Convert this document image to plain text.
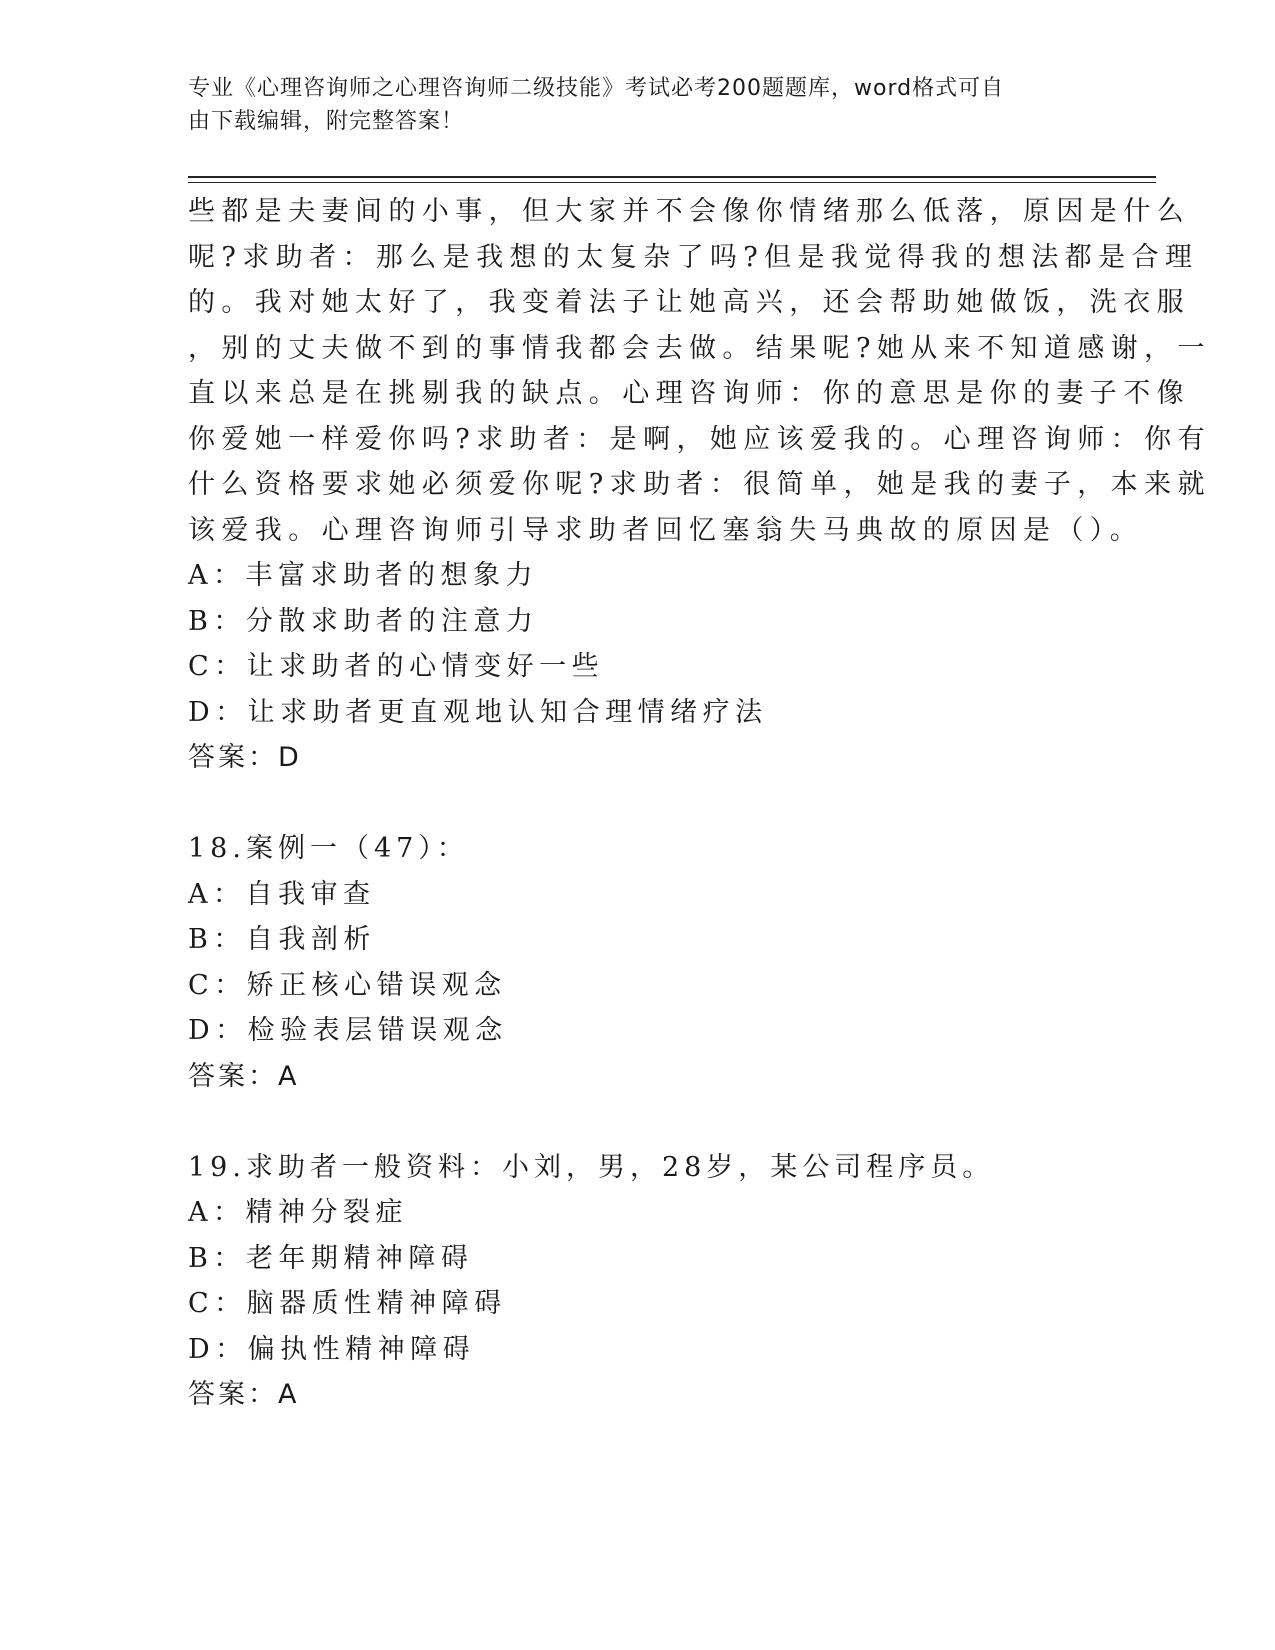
专业《心理咨询师之心理咨询师二级技能》考试必考200题题库，word格式可自
由下载编辑，附完整答案！
些都是夫妻间的小事，但大家并不会像你情绪那么低落，原因是什么
呢?求助者：那么是我想的太复杂了吗?但是我觉得我的想法都是合理
的。我对她太好了，我变着法子让她高兴，还会帮助她做饭，洗衣服
，别的丈夫做不到的事情我都会去做。结果呢?她从来不知道感谢，一
直以来总是在挑剔我的缺点。心理咨询师：你的意思是你的妻子不像
你爱她一样爱你吗?求助者：是啊，她应该爱我的。心理咨询师：你有
什么资格要求她必须爱你呢?求助者：很简单，她是我的妻子，本来就
该爱我。心理咨询师引导求助者回忆塞翁失马典故的原因是（）。
A：丰富求助者的想象力
B：分散求助者的注意力
C：让求助者的心情变好一些
D：让求助者更直观地认知合理情绪疗法
答案：D
18.案例一（47）：
A：自我审查
B：自我剖析
C：矫正核心错误观念
D：检验表层错误观念
答案：A
19.求助者一般资料：小刘，男，28岁，某公司程序员。
A：精神分裂症
B：老年期精神障碍
C：脑器质性精神障碍
D：偏执性精神障碍
答案：A
